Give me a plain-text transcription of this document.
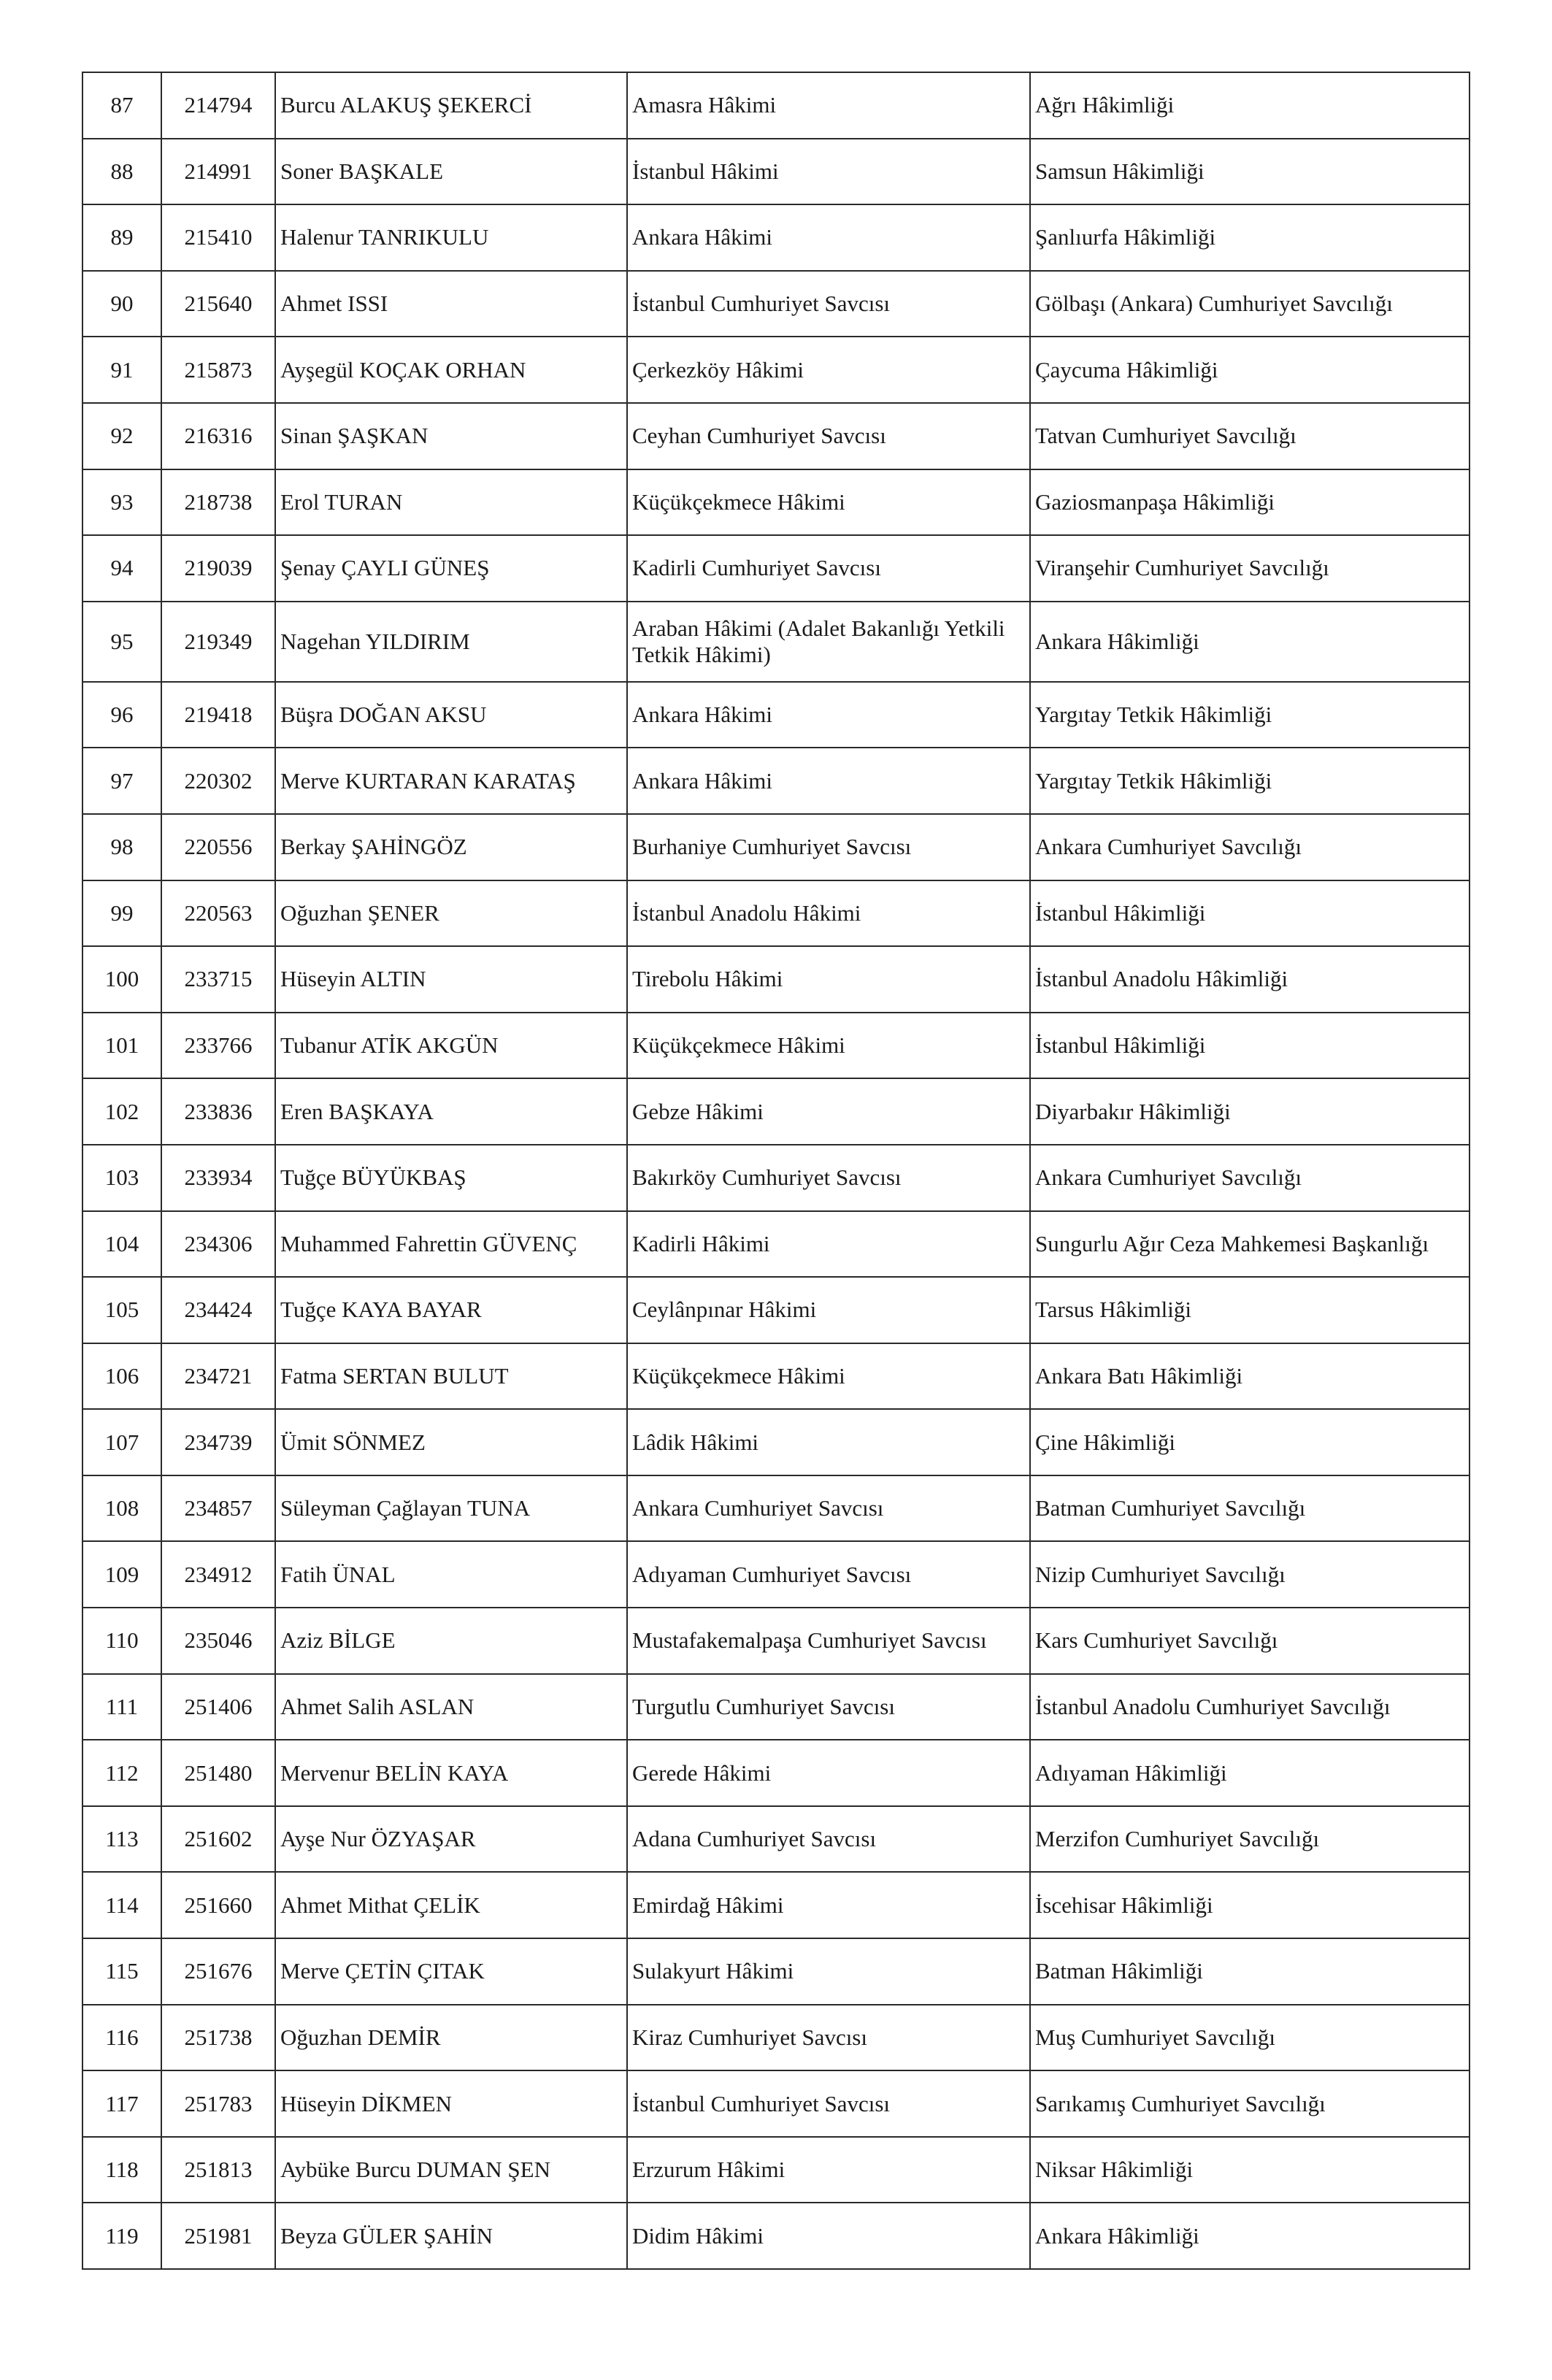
87	214794	Burcu ALAKUŞ ŞEKERCİ	Amasra Hâkimi	Ağrı Hâkimliği
88	214991	Soner BAŞKALE	İstanbul Hâkimi	Samsun Hâkimliği
89	215410	Halenur TANRIKULU	Ankara Hâkimi	Şanlıurfa Hâkimliği
90	215640	Ahmet ISSI	İstanbul Cumhuriyet Savcısı	Gölbaşı (Ankara) Cumhuriyet Savcılığı
91	215873	Ayşegül KOÇAK ORHAN	Çerkezköy Hâkimi	Çaycuma Hâkimliği
92	216316	Sinan ŞAŞKAN	Ceyhan Cumhuriyet Savcısı	Tatvan Cumhuriyet Savcılığı
93	218738	Erol TURAN	Küçükçekmece Hâkimi	Gaziosmanpaşa Hâkimliği
94	219039	Şenay ÇAYLI GÜNEŞ	Kadirli Cumhuriyet Savcısı	Viranşehir Cumhuriyet Savcılığı
95	219349	Nagehan YILDIRIM	Araban Hâkimi (Adalet Bakanlığı Yetkili Tetkik Hâkimi)	Ankara Hâkimliği
96	219418	Büşra DOĞAN AKSU	Ankara Hâkimi	Yargıtay Tetkik Hâkimliği
97	220302	Merve KURTARAN KARATAŞ	Ankara Hâkimi	Yargıtay Tetkik Hâkimliği
98	220556	Berkay ŞAHİNGÖZ	Burhaniye Cumhuriyet Savcısı	Ankara Cumhuriyet Savcılığı
99	220563	Oğuzhan ŞENER	İstanbul Anadolu Hâkimi	İstanbul Hâkimliği
100	233715	Hüseyin ALTIN	Tirebolu Hâkimi	İstanbul Anadolu Hâkimliği
101	233766	Tubanur ATİK AKGÜN	Küçükçekmece Hâkimi	İstanbul Hâkimliği
102	233836	Eren BAŞKAYA	Gebze Hâkimi	Diyarbakır Hâkimliği
103	233934	Tuğçe BÜYÜKBAŞ	Bakırköy Cumhuriyet Savcısı	Ankara Cumhuriyet Savcılığı
104	234306	Muhammed Fahrettin GÜVENÇ	Kadirli Hâkimi	Sungurlu Ağır Ceza Mahkemesi Başkanlığı
105	234424	Tuğçe KAYA BAYAR	Ceylânpınar Hâkimi	Tarsus Hâkimliği
106	234721	Fatma SERTAN BULUT	Küçükçekmece Hâkimi	Ankara Batı Hâkimliği
107	234739	Ümit SÖNMEZ	Lâdik Hâkimi	Çine Hâkimliği
108	234857	Süleyman Çağlayan TUNA	Ankara Cumhuriyet Savcısı	Batman Cumhuriyet Savcılığı
109	234912	Fatih ÜNAL	Adıyaman Cumhuriyet Savcısı	Nizip Cumhuriyet Savcılığı
110	235046	Aziz BİLGE	Mustafakemalpaşa Cumhuriyet Savcısı	Kars Cumhuriyet Savcılığı
111	251406	Ahmet Salih ASLAN	Turgutlu Cumhuriyet Savcısı	İstanbul Anadolu Cumhuriyet Savcılığı
112	251480	Mervenur BELİN KAYA	Gerede Hâkimi	Adıyaman Hâkimliği
113	251602	Ayşe Nur ÖZYAŞAR	Adana Cumhuriyet Savcısı	Merzifon Cumhuriyet Savcılığı
114	251660	Ahmet Mithat ÇELİK	Emirdağ Hâkimi	İscehisar Hâkimliği
115	251676	Merve ÇETİN ÇITAK	Sulakyurt Hâkimi	Batman Hâkimliği
116	251738	Oğuzhan DEMİR	Kiraz Cumhuriyet Savcısı	Muş Cumhuriyet Savcılığı
117	251783	Hüseyin DİKMEN	İstanbul Cumhuriyet Savcısı	Sarıkamış Cumhuriyet Savcılığı
118	251813	Aybüke Burcu DUMAN ŞEN	Erzurum Hâkimi	Niksar Hâkimliği
119	251981	Beyza GÜLER ŞAHİN	Didim Hâkimi	Ankara Hâkimliği
